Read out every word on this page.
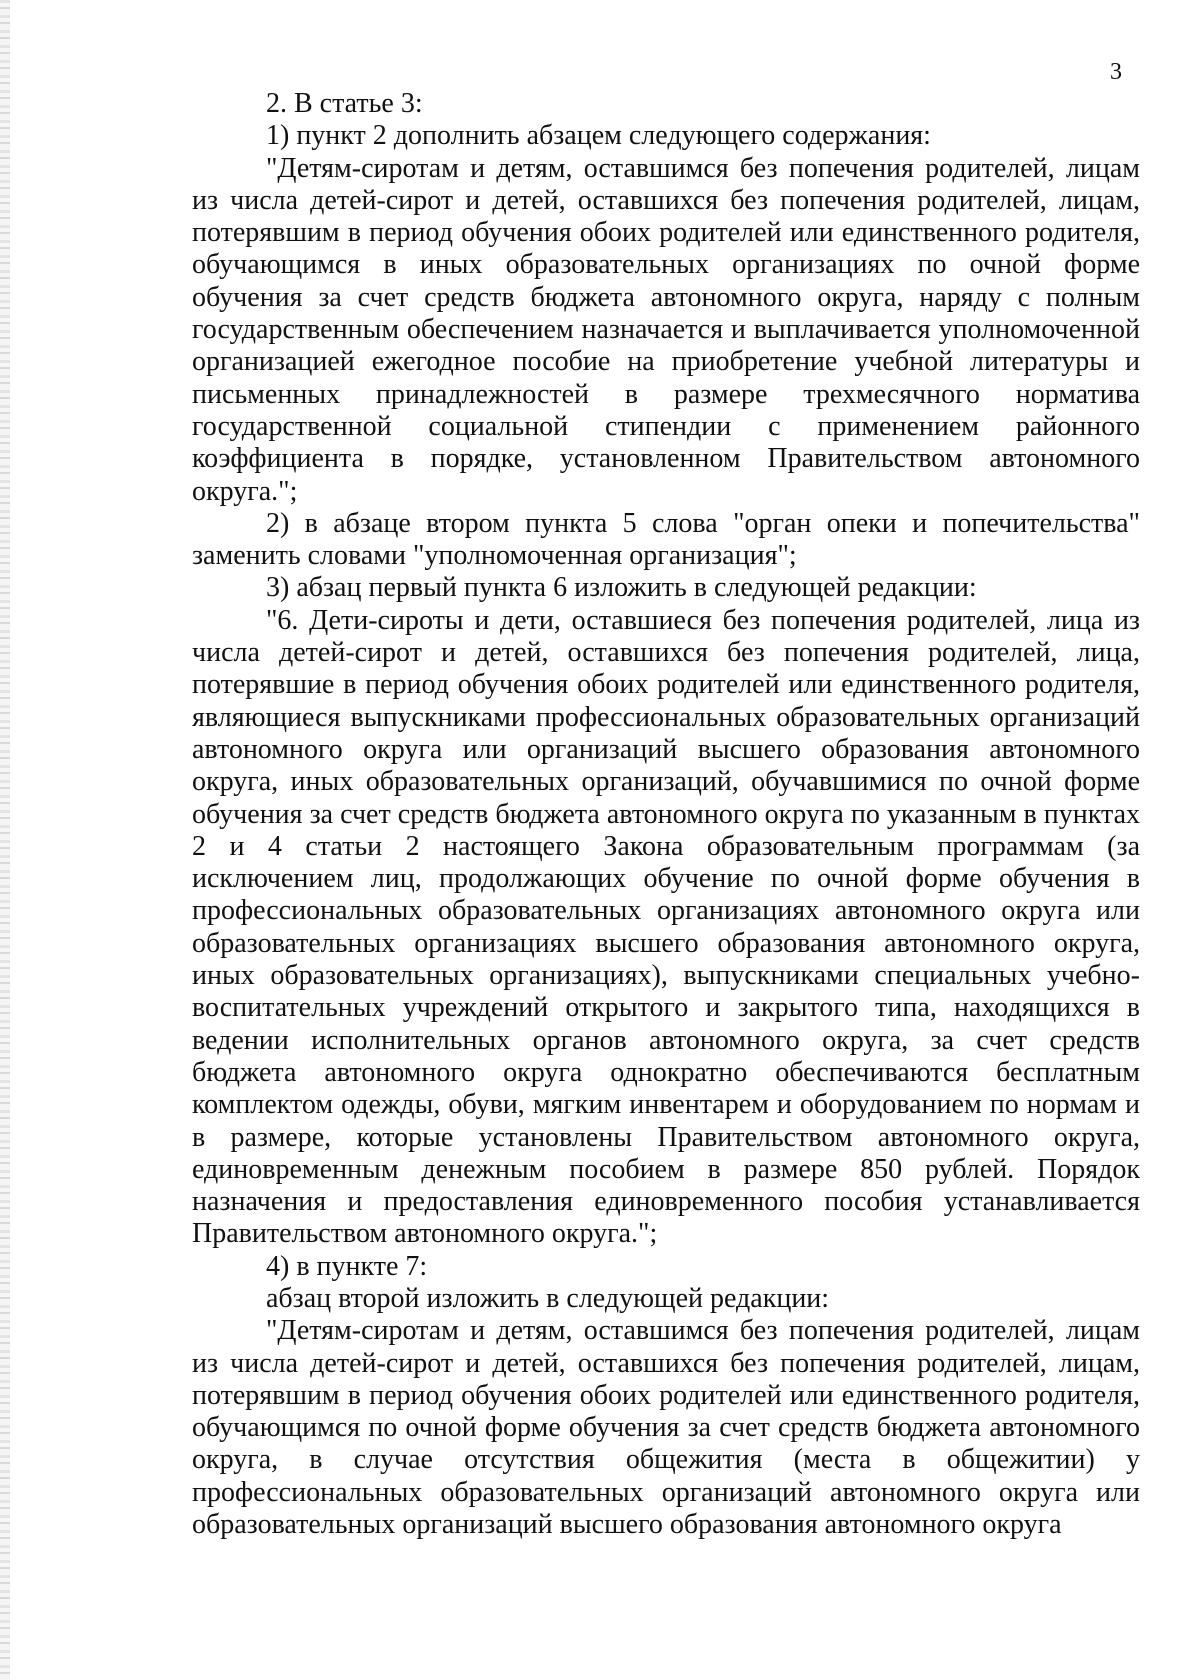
3

2. В статье 3:

1) пункт 2 дополнить абзацем следующего содержания:

"Детям-сиротам и детям, оставшимся без попечения родителей, лицам из числа детей-сирот и детей, оставшихся без попечения родителей, лицам, потерявшим в период обучения обоих родителей или единственного родителя, обучающимся в иных образовательных организациях по очной форме обучения за счет средств бюджета автономного округа, наряду с полным государственным обеспечением назначается и выплачивается уполномоченной организацией ежегодное пособие на приобретение учебной литературы и письменных принадлежностей в размере трехмесячного норматива государственной социальной стипендии с применением районного коэффициента в порядке, установленном Правительством автономного округа.";

2) в абзаце втором пункта 5 слова "орган опеки и попечительства" заменить словами "уполномоченная организация";

3) абзац первый пункта 6 изложить в следующей редакции:

"6. Дети-сироты и дети, оставшиеся без попечения родителей, лица из числа детей-сирот и детей, оставшихся без попечения родителей, лица, потерявшие в период обучения обоих родителей или единственного родителя, являющиеся выпускниками профессиональных образовательных организаций автономного округа или организаций высшего образования автономного округа, иных образовательных организаций, обучавшимися по очной форме обучения за счет средств бюджета автономного округа по указанным в пунктах 2 и 4 статьи 2 настоящего Закона образовательным программам (за исключением лиц, продолжающих обучение по очной форме обучения в профессиональных образовательных организациях автономного округа или образовательных организациях высшего образования автономного округа, иных образовательных организациях), выпускниками специальных учебно-воспитательных учреждений открытого и закрытого типа, находящихся в ведении исполнительных органов автономного округа, за счет средств бюджета автономного округа однократно обеспечиваются бесплатным комплектом одежды, обуви, мягким инвентарем и оборудованием по нормам и в размере, которые установлены Правительством автономного округа, единовременным денежным пособием в размере 850 рублей. Порядок назначения и предоставления единовременного пособия устанавливается Правительством автономного округа.";

4) в пункте 7:

абзац второй изложить в следующей редакции:

"Детям-сиротам и детям, оставшимся без попечения родителей, лицам из числа детей-сирот и детей, оставшихся без попечения родителей, лицам, потерявшим в период обучения обоих родителей или единственного родителя, обучающимся по очной форме обучения за счет средств бюджета автономного округа, в случае отсутствия общежития (места в общежитии) у профессиональных образовательных организаций автономного округа или образовательных организаций высшего образования автономного округа
